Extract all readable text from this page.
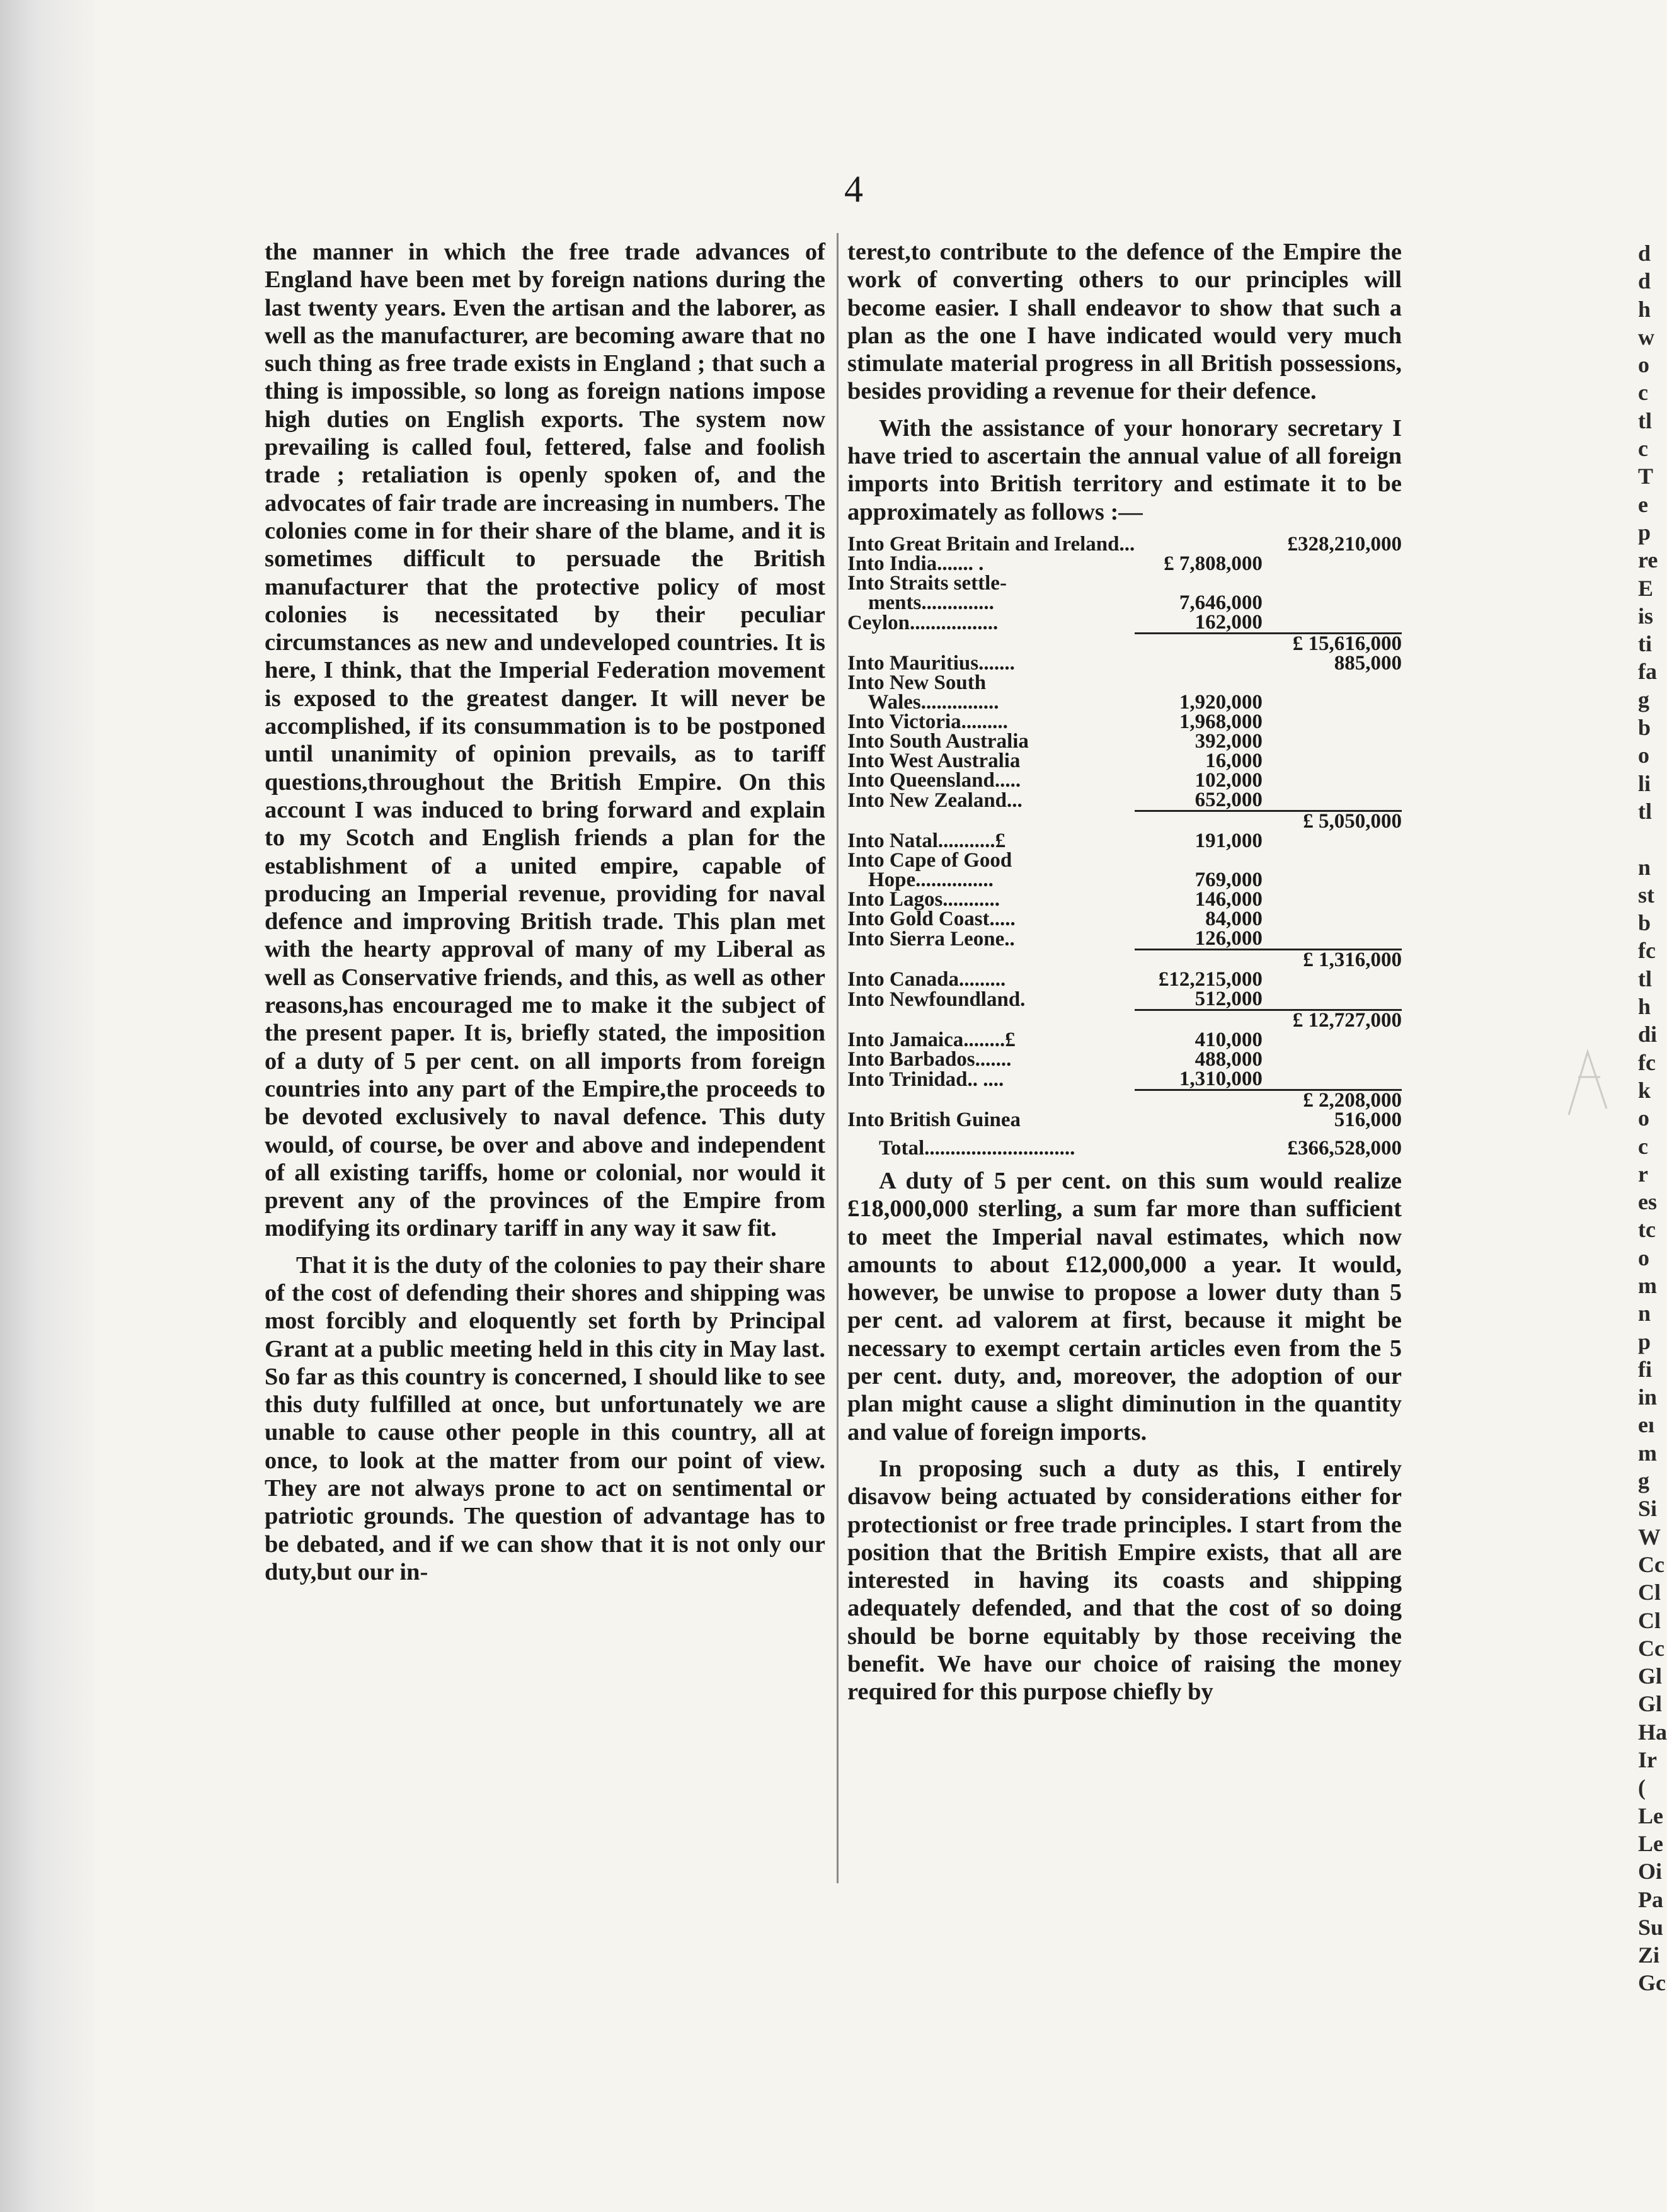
4

the manner in which the free trade advances of England have been met by foreign nations during the last twenty years. Even the artisan and the laborer, as well as the manufacturer, are becoming aware that no such thing as free trade exists in England ; that such a thing is impossible, so long as foreign nations impose high duties on English exports. The system now prevailing is called foul, fettered, false and foolish trade ; retaliation is openly spoken of, and the advocates of fair trade are increasing in numbers. The colonies come in for their share of the blame, and it is sometimes difficult to persuade the British manufacturer that the protective policy of most colonies is necessitated by their peculiar circumstances as new and undeveloped countries. It is here, I think, that the Imperial Federation movement is exposed to the greatest danger. It will never be accomplished, if its consummation is to be postponed until unanimity of opinion prevails, as to tariff questions,throughout the British Empire. On this account I was induced to bring forward and explain to my Scotch and English friends a plan for the establishment of a united empire, capable of producing an Imperial revenue, providing for naval defence and improving British trade. This plan met with the hearty approval of many of my Liberal as well as Conservative friends, and this, as well as other reasons,has encouraged me to make it the subject of the present paper. It is, briefly stated, the imposition of a duty of 5 per cent. on all imports from foreign countries into any part of the Empire,the proceeds to be devoted exclusively to naval defence. This duty would, of course, be over and above and independent of all existing tariffs, home or colonial, nor would it prevent any of the provinces of the Empire from modifying its ordinary tariff in any way it saw fit.

That it is the duty of the colonies to pay their share of the cost of defending their shores and shipping was most forcibly and eloquently set forth by Principal Grant at a public meeting held in this city in May last. So far as this country is concerned, I should like to see this duty fulfilled at once, but unfortunately we are unable to cause other people in this country, all at once, to look at the matter from our point of view. They are not always prone to act on sentimental or patriotic grounds. The question of advantage has to be debated, and if we can show that it is not only our duty,but our in-

terest,to contribute to the defence of the Empire the work of converting others to our principles will become easier. I shall endeavor to show that such a plan as the one I have indicated would very much stimulate material progress in all British possessions, besides providing a revenue for their defence.

With the assistance of your honorary secretary I have tried to ascertain the annual value of all foreign imports into British territory and estimate it to be approximately as follows :—

Into Great Britain and Ireland...		£328,210,000
Into India....... .	£ 7,808,000	
Into Straits settle-		
ments..............	7,646,000	
Ceylon.................	162,000	
		£ 15,616,000
Into Mauritius.......		885,000
Into New South		
Wales...............	1,920,000	
Into Victoria.........	1,968,000	
Into South Australia	392,000	
Into West Australia	16,000	
Into Queensland.....	102,000	
Into New Zealand...	652,000	
		£ 5,050,000
Into Natal...........£	191,000	
Into Cape of Good		
Hope...............	769,000	
Into Lagos...........	146,000	
Into Gold Coast.....	84,000	
Into Sierra Leone..	126,000	
		£ 1,316,000
Into Canada.........	£12,215,000	
Into Newfoundland.	512,000	
		£ 12,727,000
Into Jamaica........£	410,000	
Into Barbados.......	488,000	
Into Trinidad.. ....	1,310,000	
		£ 2,208,000
Into British Guinea		516,000
Total.............................		£366,528,000

A duty of 5 per cent. on this sum would realize £18,000,000 sterling, a sum far more than sufficient to meet the Imperial naval estimates, which now amounts to about £12,000,000 a year. It would, however, be unwise to propose a lower duty than 5 per cent. ad valorem at first, because it might be necessary to exempt certain articles even from the 5 per cent. duty, and, moreover, the adoption of our plan might cause a slight diminution in the quantity and value of foreign imports.

In proposing such a duty as this, I entirely disavow being actuated by considerations either for protectionist or free trade principles. I start from the position that the British Empire exists, that all are interested in having its coasts and shipping adequately defended, and that the cost of so doing should be borne equitably by those receiving the benefit. We have our choice of raising the money required for this purpose chiefly by

d
d
h
w
o
c
tl
c
T
e
p
re
E
is
ti
fa
g
b
o
li
tl

n
st
b
fc
tl
h
di
fc
k
o
c
r
es
tc
o
m
n
p
fi
in
eı
m
g
Si
W
Cc
Cl
Cl
Cc
Gl
Gl
Ha
Ir
(
Le
Le
Oi
Pa
Su
Zi
Gc
